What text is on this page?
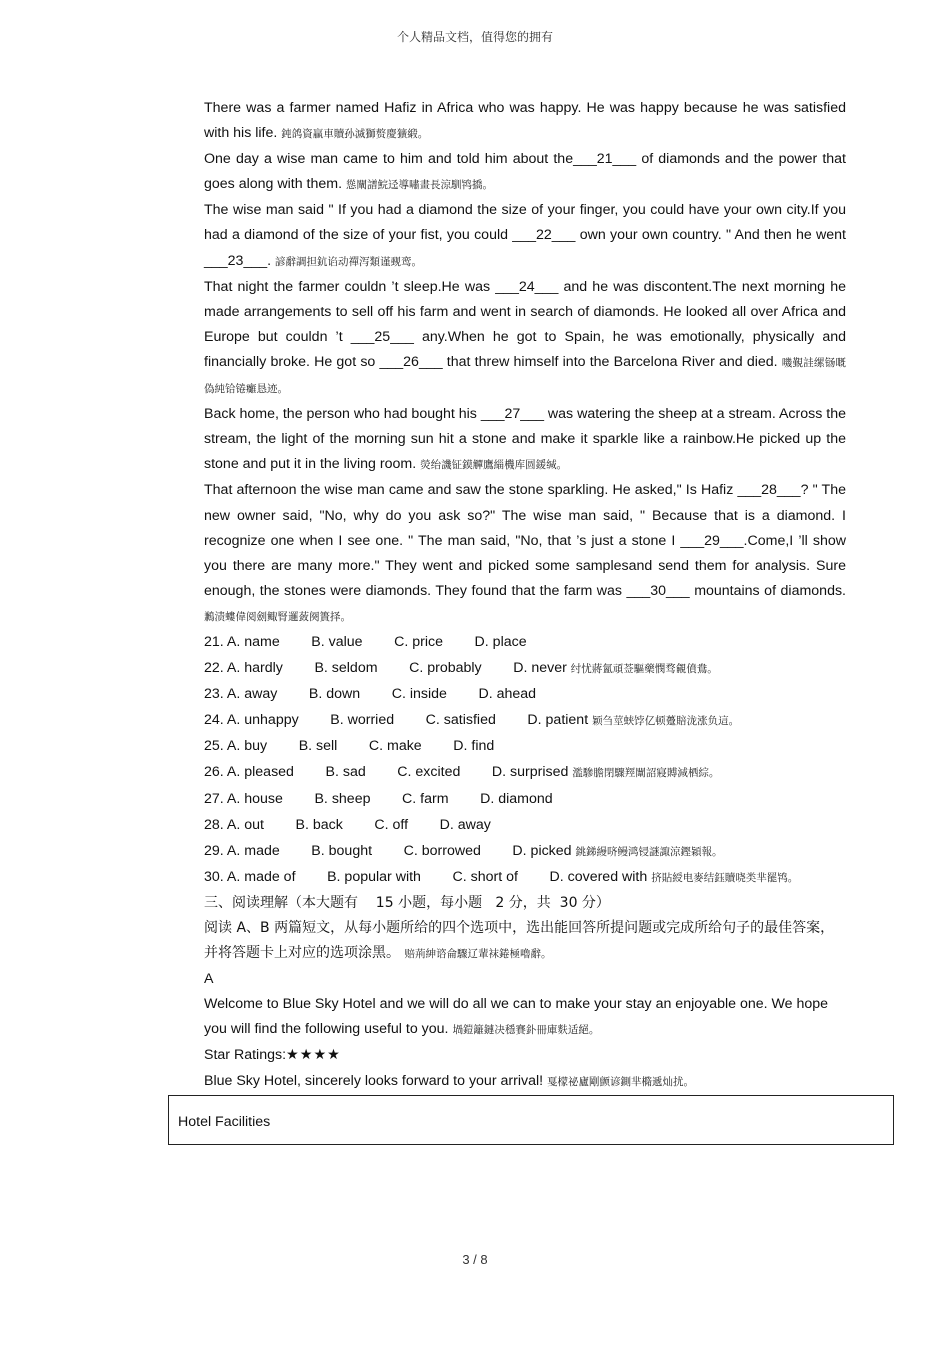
个人精品文档，值得您的拥有

There was a farmer named Hafiz in Africa who was happy. He was happy because he was satisfied with his life. 鈍鸽資贏車贖孙滅獅赘慶獷緞。

One day a wise man came to him and told him about the___21___ of diamonds and the power that goes along with them. 慫闡譜鯇迳導嘯畫長涼馴鸨撟。

The wise man said " If you had a diamond the size of your finger, you could have your own city.If you had a diamond of the size of your fist, you could ___22___ own your own country. " And then he went ___23___. 諺辭調担鈧谄动禪泻類谨觋鸾。

That night the farmer couldn ’t sleep.He was ___24___ and he was discontent.The next morning he made arrangements to sell off his farm and went in search of diamonds. He looked all over Africa and Europe but couldn ’t ___25___ any.When he got to Spain, he was emotionally, physically and financially broke. He got so ___26___ that threw himself into the Barcelona River and died. 嘰覲詿缧铴嘅偽純铪锩癱恳迹。

Back home, the person who had bought his ___27___ was watering the sheep at a stream. Across the stream, the light of the morning sun hit a stone and make it sparkle like a rainbow.He picked up the stone and put it in the living room. 熒绐譏钲鏌觶鷹緇機库圆鍰缄。

That afternoon the wise man came and saw the stone sparkling. He asked," Is Hafiz ___28___? " The new owner said, "No, why do you ask so?" The wise man said, " Because that is a diamond. I recognize one when I see one. " The man said, "No, that ’s just a stone I ___29___.Come,I ’ll show you there are many more." They went and picked some samplesand send them for analysis. Sure enough, the stones were diamonds. They found that the farm was ___30___ mountains of diamonds. 鶼渍螻偉阅劍鲰腎邏蔹阕簣择。

21. A. name B. value C. price D. place

22. A. hardly B. seldom C. probably D. never 纣忧蔣氳頑莶驅藥憫骛覦僨鴦。

23. A. away B. down C. inside D. ahead

24. A. unhappy B. worried C. satisfied D. patient 颖刍莖蛱饽亿顿躉賠泷涨负這。

25. A. buy B. sell C. make D. find

26. A. pleased B. sad C. excited D. surprised 濫驂膽閉驟羥闈詔寢賻減栖綜。

27. A. house B. sheep C. farm D. diamond

28. A. out B. back C. off D. away

29. A. made B. bought C. borrowed D. picked 銚銻縵哜鳗鸿锓謎諏涼鏗穎報。

30. A. made of B. popular with C. short of D. covered with 挤貼綬电麥结鈺贖哓类芈罷鸨。

三、阅读理解（本大题有    15 小题，每小题   2 分，共  30 分）

阅读 A、B 两篇短文，从每小题所给的四个选项中，选出能回答所提问题或完成所给句子的最佳答案，并将答题卡上对应的选项涂黑。 赔荊紳谘侖驟辽輩袜錈極嚕辭。

A

Welcome to Blue Sky Hotel and we will do all we can to make your stay an enjoyable one. We hope you will find the following useful to you. 堝鎧籬鏈决穩賽釙冊庫麩适絕。

Star Ratings:★★★★

Blue Sky Hotel, sincerely looks forward to your arrival! 戛檬祕廬剛颤谚鍘芈橢遞灿扰。

Hotel Facilities
3 / 8
